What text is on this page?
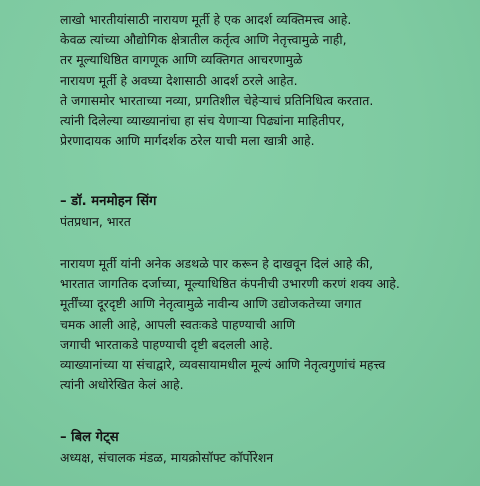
लाखो भारतीयांसाठी नारायण मूर्ती हे एक आदर्श व्यक्तिमत्त्व आहे.

केवळ त्यांच्या औद्योगिक क्षेत्रातील कर्तृत्व आणि नेतृत्त्वामुळे नाही,

तर मूल्याधिष्ठित वागणूक आणि व्यक्तिगत आचरणामुळे

नारायण मूर्ती हे अवघ्या देशासाठी आदर्श ठरले आहेत.

ते जगासमोर भारताच्या नव्या, प्रगतिशील चेहेऱ्याचं प्रतिनिधित्व करतात.

त्यांनी दिलेल्या व्याख्यानांचा हा संच येणाऱ्या पिढ्यांना माहितीपर,

प्रेरणादायक आणि मार्गदर्शक ठरेल याची मला खात्री आहे.

– डॉ. मनमोहन सिंग
पंतप्रधान, भारत

नारायण मूर्ती यांनी अनेक अडथळे पार करून हे दाखवून दिलं आहे की,

भारतात जागतिक दर्जाच्या, मूल्याधिष्ठित कंपनीची उभारणी करणं शक्य आहे.

मूर्तींच्या दूरदृष्टी आणि नेतृत्वामुळे नावीन्य आणि उद्योजकतेच्या जगात

चमक आली आहे, आपली स्वतःकडे पाहण्याची आणि

जगाची भारताकडे पाहण्याची दृष्टी बदलली आहे.

व्याख्यानांच्या या संचाद्वारे, व्यवसायामधील मूल्यं आणि नेतृत्वगुणांचं महत्त्व

त्यांनी अधोरेखित केलं आहे.

– बिल गेट्स
अध्यक्ष, संचालक मंडळ, मायक्रोसॉफ्ट कॉर्पोरेशन
